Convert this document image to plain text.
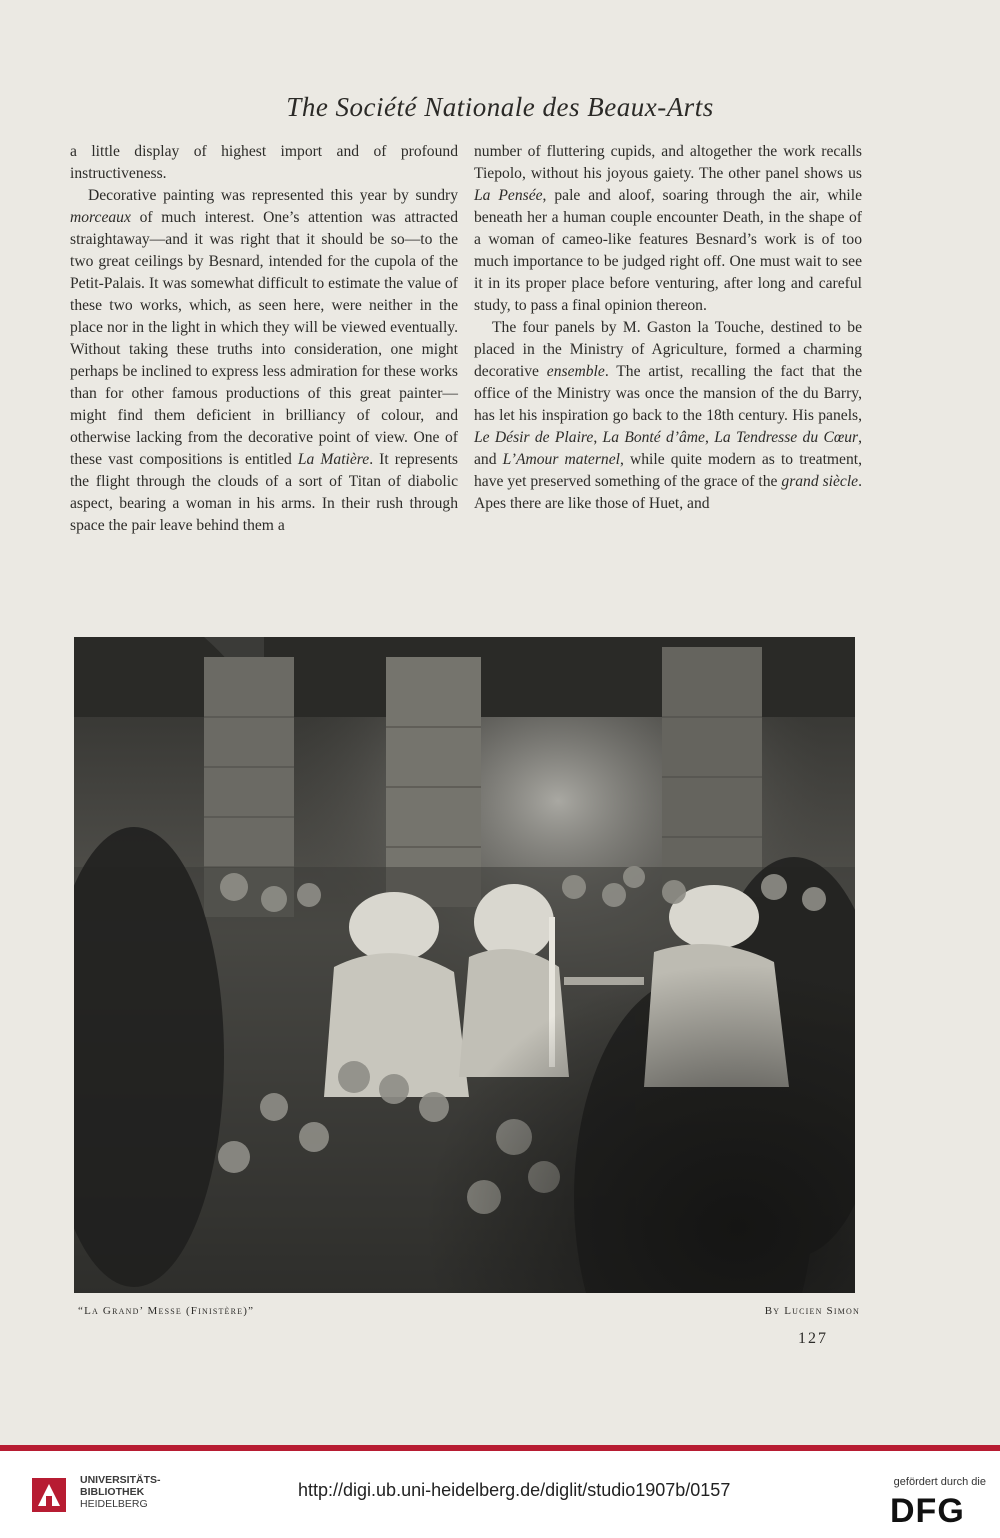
The Société Nationale des Beaux-Arts

a little display of highest import and of profound instructiveness.

Decorative painting was represented this year by sundry morceaux of much interest. One’s attention was attracted straightaway—and it was right that it should be so—to the two great ceilings by Besnard, intended for the cupola of the Petit-Palais. It was somewhat difficult to estimate the value of these two works, which, as seen here, were neither in the place nor in the light in which they will be viewed eventually. Without taking these truths into consideration, one might perhaps be inclined to express less admiration for these works than for other famous productions of this great painter—might find them deficient in brilliancy of colour, and otherwise lacking from the decorative point of view. One of these vast compositions is entitled La Matière. It represents the flight through the clouds of a sort of Titan of diabolic aspect, bearing a woman in his arms. In their rush through space the pair leave behind them a

number of fluttering cupids, and altogether the work recalls Tiepolo, without his joyous gaiety. The other panel shows us La Pensée, pale and aloof, soaring through the air, while beneath her a human couple encounter Death, in the shape of a woman of cameo-like features Besnard’s work is of too much importance to be judged right off. One must wait to see it in its proper place before venturing, after long and careful study, to pass a final opinion thereon.

The four panels by M. Gaston la Touche, destined to be placed in the Ministry of Agriculture, formed a charming decorative ensemble. The artist, recalling the fact that the office of the Ministry was once the mansion of the du Barry, has let his inspiration go back to the 18th century. His panels, Le Désir de Plaire, La Bonté d’âme, La Tendresse du Cœur, and L’Amour maternel, while quite modern as to treatment, have yet preserved something of the grace of the grand siècle. Apes there are like those of Huet, and

“La Grand’ Messe (Finistère)”	By Lucien Simon
127
UNIVERSITÄTS-
BIBLIOTHEK
HEIDELBERG
http://digi.ub.uni-heidelberg.de/diglit/studio1907b/0157	gefördert durch die
DFG
